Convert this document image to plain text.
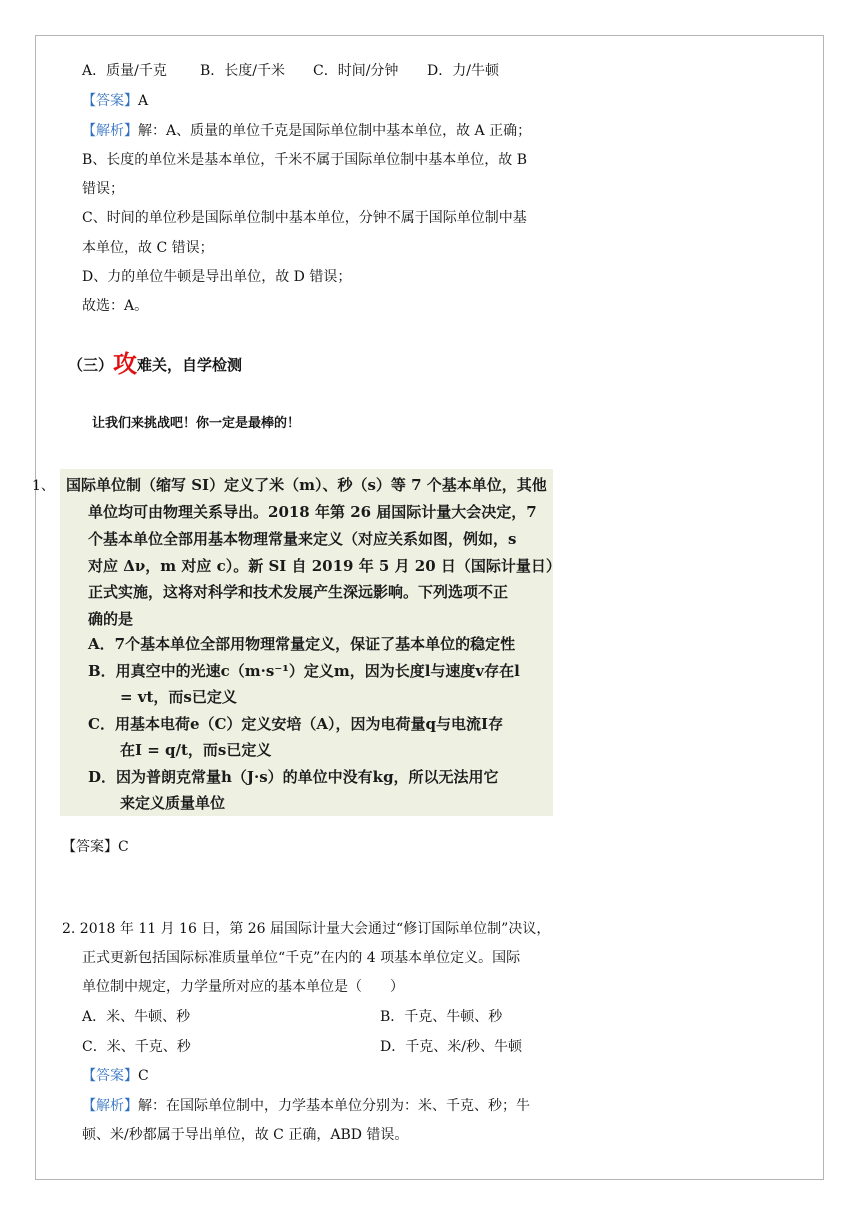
A．质量/千克 B．长度/千米 C．时间/分钟 D．力/牛顿
【答案】A
【解析】解：A、质量的单位千克是国际单位制中基本单位，故 A 正确；
B、长度的单位米是基本单位，千米不属于国际单位制中基本单位，故 B
错误；
C、时间的单位秒是国际单位制中基本单位，分钟不属于国际单位制中基
本单位，故 C 错误；
D、力的单位牛顿是导出单位，故 D 错误；
故选：A。
（三）攻难关，自学检测
让我们来挑战吧！你一定是最棒的！
1、 国际单位制（缩写 SI）定义了米（m）、秒（s）等 7 个基本单位，其他
单位均可由物理关系导出。2018 年第 26 届国际计量大会决定，7
个基本单位全部用基本物理常量来定义（对应关系如图，例如，s
对应 Δν，m 对应 c）。新 SI 自 2019 年 5 月 20 日（国际计量日）
正式实施，这将对科学和技术发展产生深远影响。下列选项不正
确的是
A．7个基本单位全部用物理常量定义，保证了基本单位的稳定性
B．用真空中的光速c（m·s⁻¹）定义m，因为长度l与速度v存在l
= vt，而s已定义
C．用基本电荷e（C）定义安培（A），因为电荷量q与电流I存
在I = q/t，而s已定义
D．因为普朗克常量h（J·s）的单位中没有kg，所以无法用它
来定义质量单位
【答案】C
2. 2018 年 11 月 16 日，第 26 届国际计量大会通过“修订国际单位制”决议，
正式更新包括国际标准质量单位“千克”在内的 4 项基本单位定义。国际
单位制中规定，力学量所对应的基本单位是（　　）
A．米、牛顿、秒	B．千克、牛顿、秒
C．米、千克、秒	D．千克、米/秒、牛顿
【答案】C
【解析】解：在国际单位制中，力学基本单位分别为：米、千克、秒；牛
顿、米/秒都属于导出单位，故 C 正确，ABD 错误。
